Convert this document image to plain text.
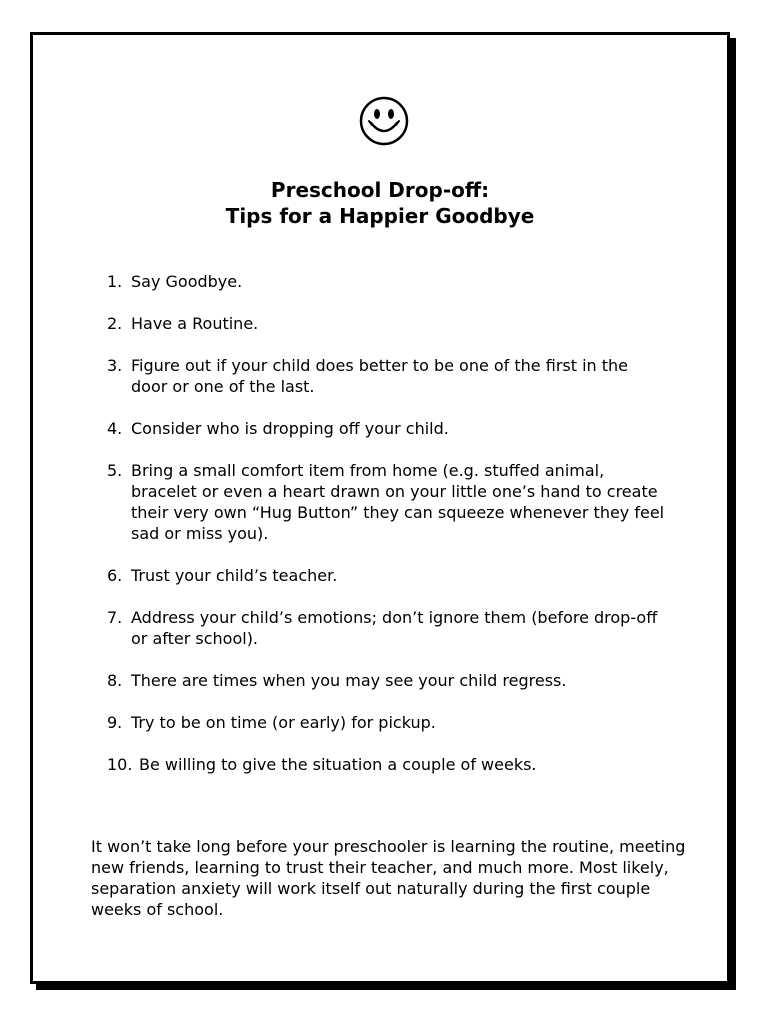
Preschool Drop-off:
Tips for a Happier Goodbye
1. Say Goodbye.
2. Have a Routine.
3. Figure out if your child does better to be one of the first in the door or one of the last.
4. Consider who is dropping off your child.
5. Bring a small comfort item from home (e.g. stuffed animal, bracelet or even a heart drawn on your little one’s hand to create their very own “Hug Button” they can squeeze whenever they feel sad or miss you).
6. Trust your child’s teacher.
7. Address your child’s emotions; don’t ignore them (before drop-off or after school).
8. There are times when you may see your child regress.
9. Try to be on time (or early) for pickup.
10. Be willing to give the situation a couple of weeks.

It won’t take long before your preschooler is learning the routine, meeting new friends, learning to trust their teacher, and much more. Most likely, separation anxiety will work itself out naturally during the first couple weeks of school.
